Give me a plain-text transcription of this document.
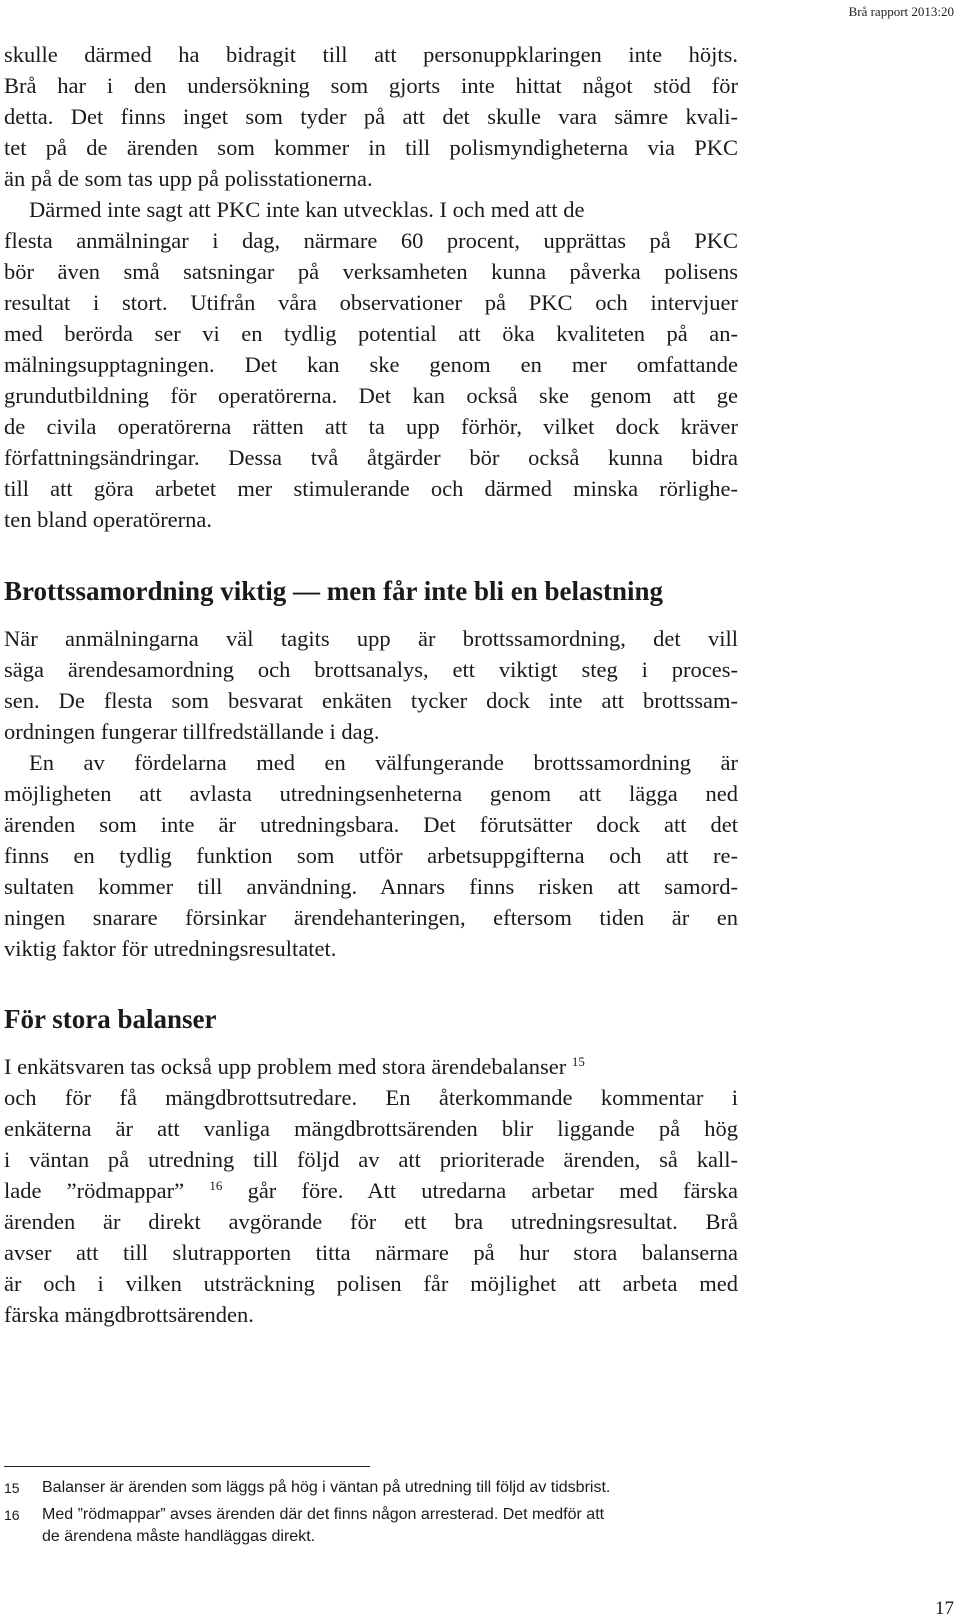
Brå rapport 2013:20
skulle därmed ha bidragit till att personuppklaringen inte höjts.
Brå har i den undersökning som gjorts inte hittat något stöd för
detta. Det finns inget som tyder på att det skulle vara sämre kvali-
tet på de ärenden som kommer in till polismyndigheterna via PKC
än på de som tas upp på polisstationerna.
Därmed inte sagt att PKC inte kan utvecklas. I och med att de
flesta anmälningar i dag, närmare 60 procent, upprättas på PKC
bör även små satsningar på verksamheten kunna påverka polisens
resultat i stort. Utifrån våra observationer på PKC och intervjuer
med berörda ser vi en tydlig potential att öka kvaliteten på an-
mälningsupptagningen. Det kan ske genom en mer omfattande
grundutbildning för operatörerna. Det kan också ske genom att ge
de civila operatörerna rätten att ta upp förhör, vilket dock kräver
författningsändringar. Dessa två åtgärder bör också kunna bidra
till att göra arbetet mer stimulerande och därmed minska rörlighe-
ten bland operatörerna.
Brottssamordning viktig — men får inte bli en belastning
När anmälningarna väl tagits upp är brottssamordning, det vill
säga ärendesamordning och brottsanalys, ett viktigt steg i proces-
sen. De flesta som besvarat enkäten tycker dock inte att brottssam-
ordningen fungerar tillfredställande i dag.
En av fördelarna med en välfungerande brottssamordning är
möjligheten att avlasta utredningsenheterna genom att lägga ned
ärenden som inte är utredningsbara. Det förutsätter dock att det
finns en tydlig funktion som utför arbetsuppgifterna och att re-
sultaten kommer till användning. Annars finns risken att samord-
ningen snarare försinkar ärendehanteringen, eftersom tiden är en
viktig faktor för utredningsresultatet.
För stora balanser
I enkätsvaren tas också upp problem med stora ärendebalanser $^{15}$
och för få mängdbrottsutredare. En återkommande kommentar i
enkäterna är att vanliga mängdbrottsärenden blir liggande på hög
i väntan på utredning till följd av att prioriterade ärenden, så kall-
lade ”rödmappar” $^{16}$ går före. Att utredarna arbetar med färska
ärenden är direkt avgörande för ett bra utredningsresultat. Brå
avser att till slutrapporten titta närmare på hur stora balanserna
är och i vilken utsträckning polisen får möjlighet att arbeta med
färska mängdbrottsärenden.
15 Balanser är ärenden som läggs på hög i väntan på utredning till följd av tidsbrist.
16 Med ”rödmappar” avses ärenden där det finns någon arresterad. Det medför att
de ärendena måste handläggas direkt.
17
